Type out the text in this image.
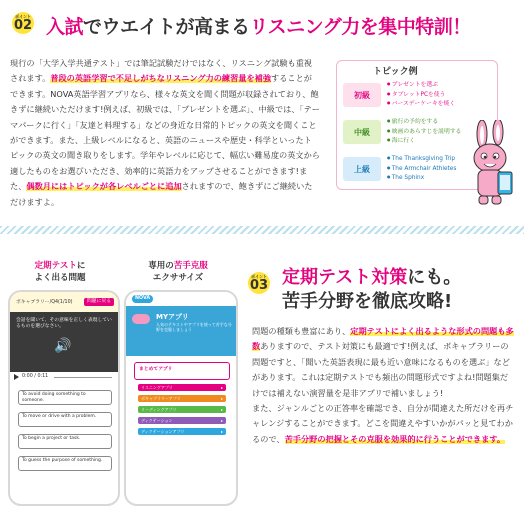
ポイント
02 入試でウエイトが高まるリスニング力を集中特訓！

現行の「大学入学共通テスト」では筆記試験だけではなく、リスニング試験も重視されます。普段の英語学習で不足しがちなリスニング力の練習量を補強することができます。NOVA英語学習アプリなら、様々な英文を聞く問題が収録されており、飽きずに継続いただけます!例えば、初級では、「プレゼントを選ぶ」、中級では、「テーマパークに行く」「友達と料理する」などの身近な日常的トピックの英文を聞くことができます。また、上級レベルになると、英語のニュースや歴史・科学といったトピックの英文の聞き取りをします。学年やレベルに応じて、幅広い難易度の英文から適したものをお選びいただき、効率的に英語力をアップさせることができます!また、偶数月にはトピックが各レベルごとに追加されますので、飽きずにご継続いただけますよ。

トピック例
初級
● プレゼントを選ぶ
● タブレットPCを使う
● バースデーケーキを焼く
中級
● 旅行の予約をする
● 映画のあらすじを説明する
● 海に行く
上級
● The Thanksgiving Trip
● The Armchair Athletes
● The Sphinx
定期テストに
よく出る問題
専用の苦手克服
エクササイズ
ボキャブラリー/Q4(1/10)	問題に戻る
会話を聞いて、その意味を正しく表現しているものを選びなさい。
🔊
0:00 / 0:11
To avoid doing something to someone.
To move or drive with a problem.
To begin a project or task.
To guess the purpose of something.
NOVA
MYアプリ
人気のテキストやアプリを使って苦手な分野を克服しましょう
まとめてアプリ
リスニングアプリ	▸
ボキャブラリーアプリ	▸
リーディングアプリ	▸
ディクテーション	▸
ディクテーションアプリ	▸
ポイント
03 定期テスト対策にも。
苦手分野を徹底攻略!

問題の種類も豊富にあり、定期テストによく出るような形式の問題も多数ありますので、テスト対策にも最適です!例えば、ボキャブラリーの問題ですと、「聞いた英語表現に最も近い意味になるものを選ぶ」などがあります。これは定期テストでも頻出の問題形式ですよね!問題集だけでは補えない演習量を是非アプリで補いましょう!

また、ジャンルごとの正答率を確認でき、自分が間違えた所だけを再チャレンジすることができます。どこを間違えやすいかがパッと見てわかるので、苦手分野の把握とその克服を効果的に行うことができます。
